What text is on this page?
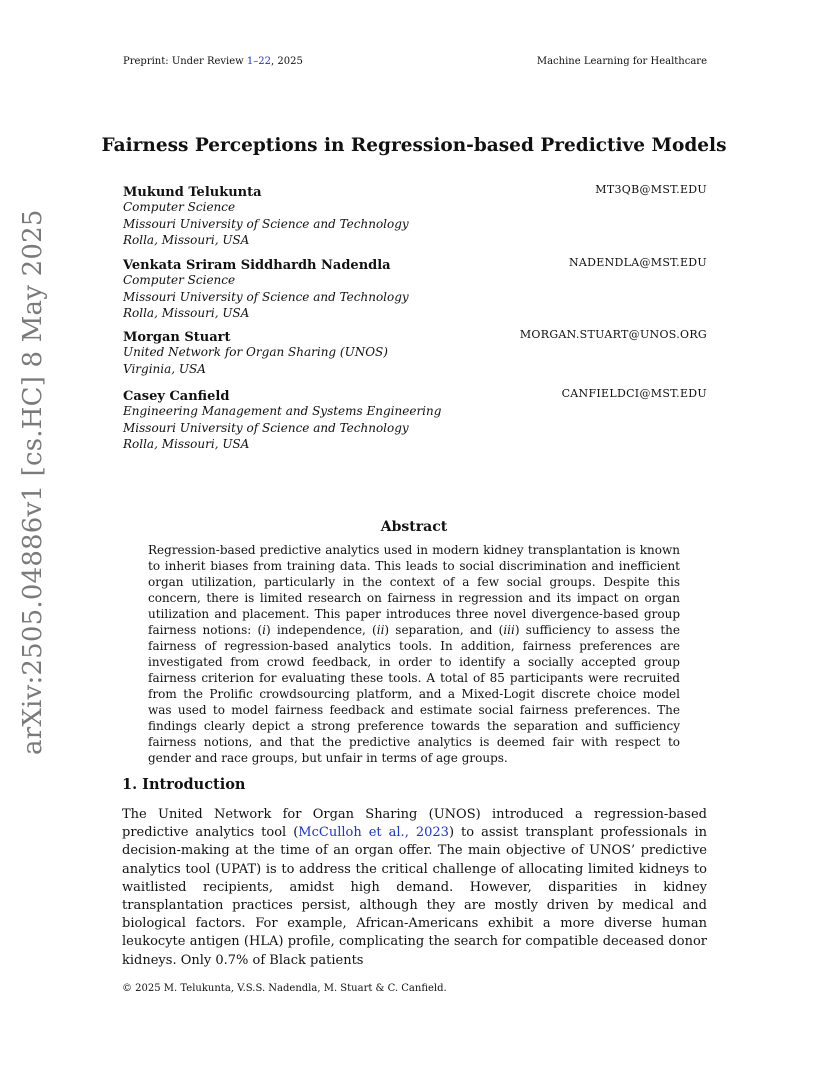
Preprint: Under Review 1–22, 2025	Machine Learning for Healthcare
arXiv:2505.04886v1 [cs.HC] 8 May 2025
Fairness Perceptions in Regression-based Predictive Models
Mukund Telukunta	MT3QB@MST.EDU
Computer Science
Missouri University of Science and Technology
Rolla, Missouri, USA
Venkata Sriram Siddhardh Nadendla	NADENDLA@MST.EDU
Computer Science
Missouri University of Science and Technology
Rolla, Missouri, USA
Morgan Stuart	MORGAN.STUART@UNOS.ORG
United Network for Organ Sharing (UNOS)
Virginia, USA
Casey Canfield	CANFIELDCI@MST.EDU
Engineering Management and Systems Engineering
Missouri University of Science and Technology
Rolla, Missouri, USA
Abstract

Regression-based predictive analytics used in modern kidney transplantation is known to inherit biases from training data. This leads to social discrimination and inefficient organ utilization, particularly in the context of a few social groups. Despite this concern, there is limited research on fairness in regression and its impact on organ utilization and placement. This paper introduces three novel divergence-based group fairness notions: (i) independence, (ii) separation, and (iii) sufficiency to assess the fairness of regression-based analytics tools. In addition, fairness preferences are investigated from crowd feedback, in order to identify a socially accepted group fairness criterion for evaluating these tools. A total of 85 participants were recruited from the Prolific crowdsourcing platform, and a Mixed-Logit discrete choice model was used to model fairness feedback and estimate social fairness preferences. The findings clearly depict a strong preference towards the separation and sufficiency fairness notions, and that the predictive analytics is deemed fair with respect to gender and race groups, but unfair in terms of age groups.

1. Introduction

The United Network for Organ Sharing (UNOS) introduced a regression-based predictive analytics tool (McCulloh et al., 2023) to assist transplant professionals in decision-making at the time of an organ offer. The main objective of UNOS’ predictive analytics tool (UPAT) is to address the critical challenge of allocating limited kidneys to waitlisted recipients, amidst high demand. However, disparities in kidney transplantation practices persist, although they are mostly driven by medical and biological factors. For example, African-Americans exhibit a more diverse human leukocyte antigen (HLA) profile, complicating the search for compatible deceased donor kidneys. Only 0.7% of Black patients

© 2025 M. Telukunta, V.S.S. Nadendla, M. Stuart & C. Canfield.
